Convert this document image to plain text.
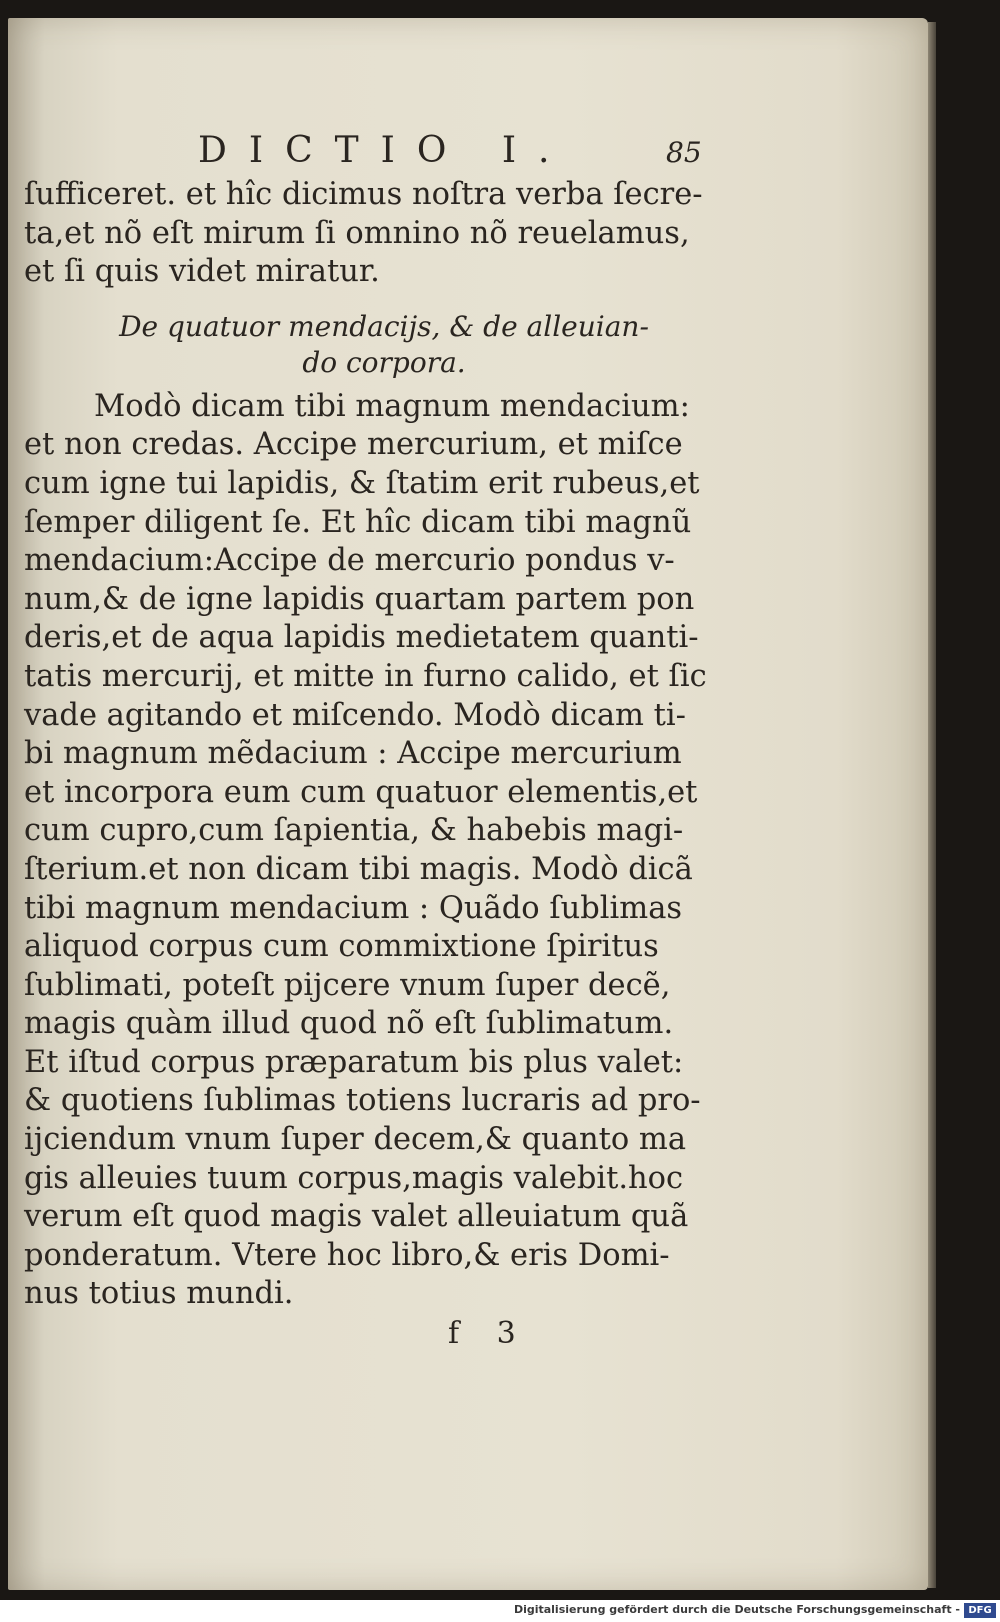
DICTIO I.	85
ſufficeret. et hîc dicimus noſtra verba ſecre-
ta,et nõ eſt mirum ſi omnino nõ reuelamus,
et ſi quis videt miratur.
De quatuor mendacijs, & de alleuian-
do corpora.
Modò dicam tibi magnum mendacium:
et non credas. Accipe mercurium, et miſce
cum igne tui lapidis, & ſtatim erit rubeus,et
ſemper diligent ſe. Et hîc dicam tibi magnũ
mendacium:Accipe de mercurio pondus v-
num,& de igne lapidis quartam partem pon
deris,et de aqua lapidis medietatem quanti-
tatis mercurij, et mitte in furno calido, et ſic
vade agitando et miſcendo. Modò dicam ti-
bi magnum mẽdacium : Accipe mercurium
et incorpora eum cum quatuor elementis,et
cum cupro,cum ſapientia, & habebis magi-
ſterium.et non dicam tibi magis. Modò dicã
tibi magnum mendacium : Quãdo ſublimas
aliquod corpus cum commixtione ſpiritus
ſublimati, poteſt pijcere vnum ſuper decẽ,
magis quàm illud quod nõ eſt ſublimatum.
Et iſtud corpus præparatum bis plus valet:
& quotiens ſublimas totiens lucraris ad pro-
ijciendum vnum ſuper decem,& quanto ma
gis alleuies tuum corpus,magis valebit.hoc
verum eſt quod magis valet alleuiatum quã
ponderatum. Vtere hoc libro,& eris Domi-
nus totius mundi.
f 3
Digitalisierung gefördert durch die Deutsche Forschungsgemeinschaft - DFG
